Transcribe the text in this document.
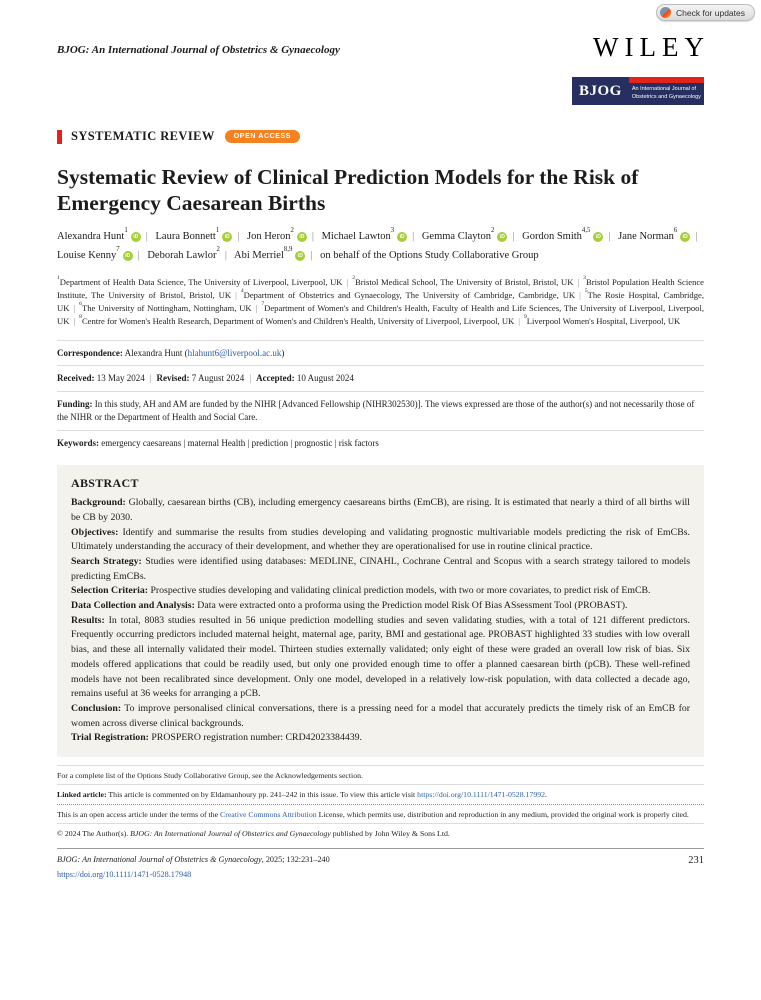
Check for updates
BJOG: An International Journal of Obstetrics & Gynaecology	WILEY
BJOG	An International Journal of
Obstetrics and Gynaecology
SYSTEMATIC REVIEW	OPEN ACCESS
Systematic Review of Clinical Prediction Models for the Risk of Emergency Caesarean Births

Alexandra Hunt$^1$iD | Laura Bonnett$^1$iD | Jon Heron$^2$iD | Michael Lawton$^3$iD | Gemma Clayton$^2$iD | Gordon Smith$^{4,5}$iD | Jane Norman$^6$iD | Louise Kenny$^7$iD | Deborah Lawlor$^2$| Abi Merriel$^{8,9}$iD | on behalf of the Options Study Collaborative Group

$^1$Department of Health Data Science, The University of Liverpool, Liverpool, UK | $^2$Bristol Medical School, The University of Bristol, Bristol, UK | $^3$Bristol Population Health Science Institute, The University of Bristol, Bristol, UK | $^4$Department of Obstetrics and Gynaecology, The University of Cambridge, Cambridge, UK | $^5$The Rosie Hospital, Cambridge, UK | $^6$The University of Nottingham, Nottingham, UK | $^7$Department of Women's and Children's Health, Faculty of Health and Life Sciences, The University of Liverpool, Liverpool, UK | $^8$Centre for Women's Health Research, Department of Women's and Children's Health, University of Liverpool, Liverpool, UK | $^9$Liverpool Women's Hospital, Liverpool, UK

Correspondence: Alexandra Hunt (hlahunt6@liverpool.ac.uk)
Received: 13 May 2024 | Revised: 7 August 2024 | Accepted: 10 August 2024
Funding: In this study, AH and AM are funded by the NIHR [Advanced Fellowship (NIHR302530)]. The views expressed are those of the author(s) and not necessarily those of the NIHR or the Department of Health and Social Care.
Keywords: emergency caesareans | maternal Health | prediction | prognostic | risk factors
ABSTRACT

Background: Globally, caesarean births (CB), including emergency caesareans births (EmCB), are rising. It is estimated that nearly a third of all births will be CB by 2030.

Objectives: Identify and summarise the results from studies developing and validating prognostic multivariable models predicting the risk of EmCBs. Ultimately understanding the accuracy of their development, and whether they are operationalised for use in routine clinical practice.

Search Strategy: Studies were identified using databases: MEDLINE, CINAHL, Cochrane Central and Scopus with a search strategy tailored to models predicting EmCBs.

Selection Criteria: Prospective studies developing and validating clinical prediction models, with two or more covariates, to predict risk of EmCB.

Data Collection and Analysis: Data were extracted onto a proforma using the Prediction model Risk Of Bias ASsessment Tool (PROBAST).

Results: In total, 8083 studies resulted in 56 unique prediction modelling studies and seven validating studies, with a total of 121 different predictors. Frequently occurring predictors included maternal height, maternal age, parity, BMI and gestational age. PROBAST highlighted 33 studies with low overall bias, and these all internally validated their model. Thirteen studies externally validated; only eight of these were graded an overall low risk of bias. Six models offered applications that could be readily used, but only one provided enough time to offer a planned caesarean birth (pCB). These well-refined models have not been recalibrated since development. Only one model, developed in a relatively low-risk population, with data collected a decade ago, remains useful at 36 weeks for arranging a pCB.

Conclusion: To improve personalised clinical conversations, there is a pressing need for a model that accurately predicts the timely risk of an EmCB for women across diverse clinical backgrounds.

Trial Registration: PROSPERO registration number: CRD42023384439.

For a complete list of the Options Study Collaborative Group, see the Acknowledgements section.
Linked article: This article is commented on by Eldamanhoury pp. 241–242 in this issue. To view this article visit https://doi.org/10.1111/1471-0528.17992.
This is an open access article under the terms of the Creative Commons Attribution License, which permits use, distribution and reproduction in any medium, provided the original work is properly cited.
© 2024 The Author(s). BJOG: An International Journal of Obstetrics and Gynaecology published by John Wiley & Sons Ltd.
BJOG: An International Journal of Obstetrics & Gynaecology, 2025; 132:231–240
https://doi.org/10.1111/1471-0528.17948
231
